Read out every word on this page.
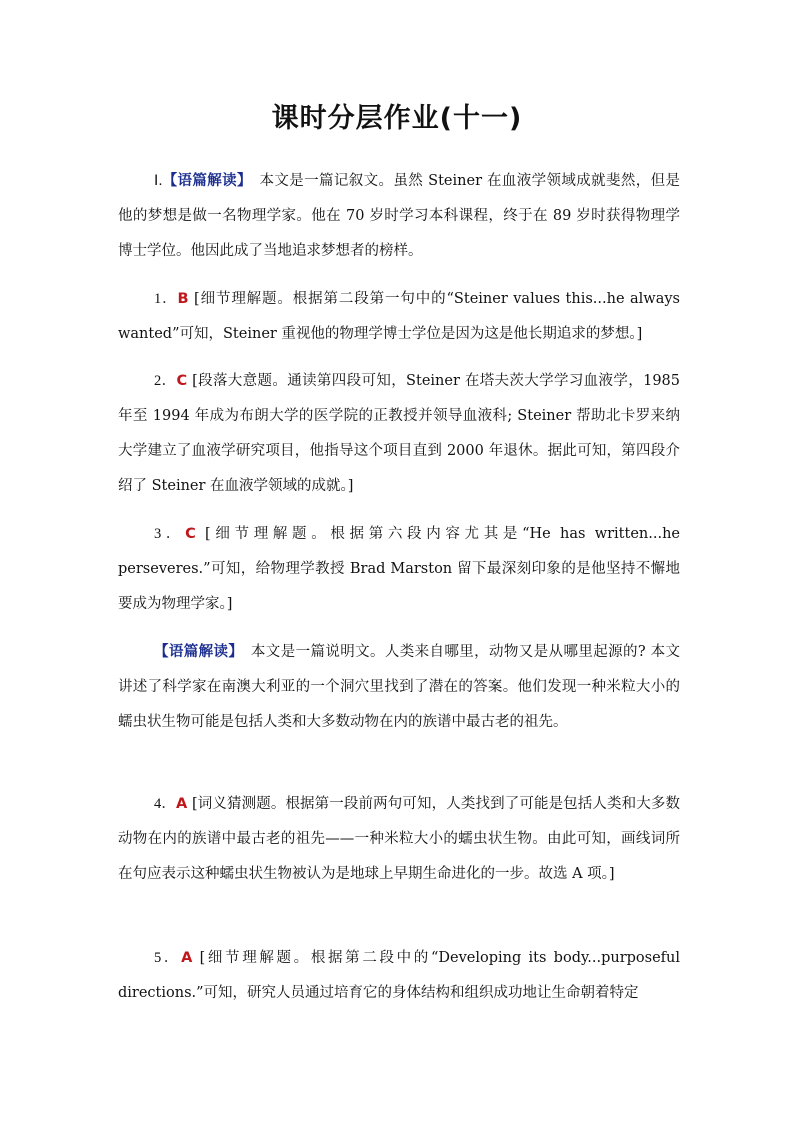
课时分层作业(十一)

Ⅰ.【语篇解读】　本文是一篇记叙文。虽然 Steiner 在血液学领域成就斐然，但是他的梦想是做一名物理学家。他在 70 岁时学习本科课程，终于在 89 岁时获得物理学博士学位。他因此成了当地追求梦想者的榜样。

1．B [细节理解题。根据第二段第一句中的“Steiner values this...he always wanted”可知，Steiner 重视他的物理学博士学位是因为这是他长期追求的梦想。]

2．C [段落大意题。通读第四段可知，Steiner 在塔夫茨大学学习血液学，1985 年至 1994 年成为布朗大学的医学院的正教授并领导血液科; Steiner 帮助北卡罗来纳大学建立了血液学研究项目，他指导这个项目直到 2000 年退休。据此可知，第四段介绍了 Steiner 在血液学领域的成就。]

3．C [细节理解题。根据第六段内容尤其是“He has written...he perseveres.”可知，给物理学教授 Brad Marston 留下最深刻印象的是他坚持不懈地要成为物理学家。]

【语篇解读】　本文是一篇说明文。人类来自哪里，动物又是从哪里起源的? 本文讲述了科学家在南澳大利亚的一个洞穴里找到了潜在的答案。他们发现一种米粒大小的蠕虫状生物可能是包括人类和大多数动物在内的族谱中最古老的祖先。

4．A [词义猜测题。根据第一段前两句可知，人类找到了可能是包括人类和大多数动物在内的族谱中最古老的祖先——一种米粒大小的蠕虫状生物。由此可知，画线词所在句应表示这种蠕虫状生物被认为是地球上早期生命进化的一步。故选 A 项。]

5．A [细节理解题。根据第二段中的“Developing its body...purposeful directions.”可知，研究人员通过培育它的身体结构和组织成功地让生命朝着特定
